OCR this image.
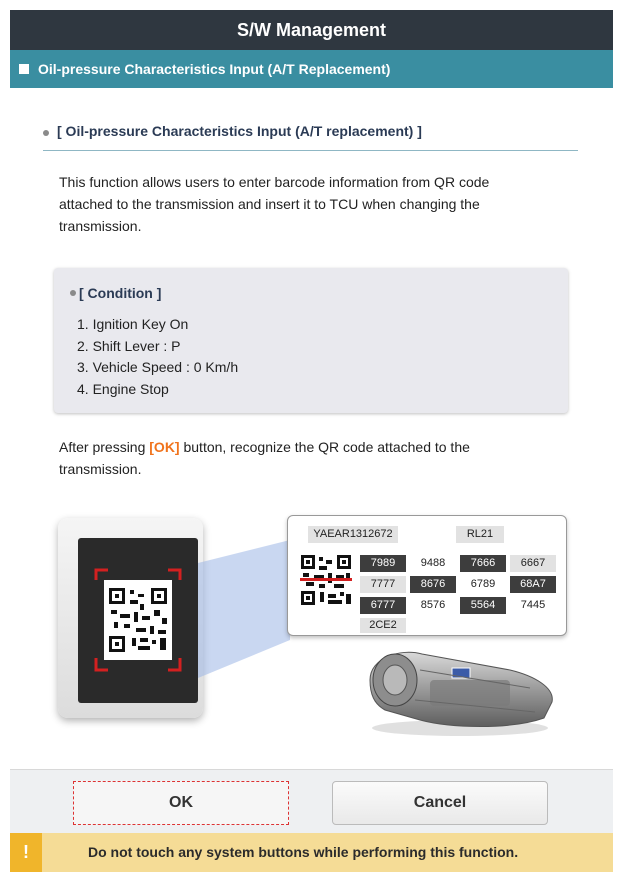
S/W Management
Oil-pressure Characteristics Input (A/T Replacement)
[ Oil-pressure Characteristics Input (A/T replacement) ]
This function allows users to enter barcode information from QR code
attached to the transmission and insert it to TCU when changing the
transmission.
[ Condition ]
1. Ignition Key On
2. Shift Lever : P
3. Vehicle Speed : 0 Km/h
4. Engine Stop
After pressing [OK] button, recognize the QR code attached to the
transmission.
YAEAR1312672	RL21
7989	9488	7666	6667
7777	8676	6789	68A7
6777	8576	5564	7445
2CE2
OK	Cancel
!	Do not touch any system buttons while performing this function.
